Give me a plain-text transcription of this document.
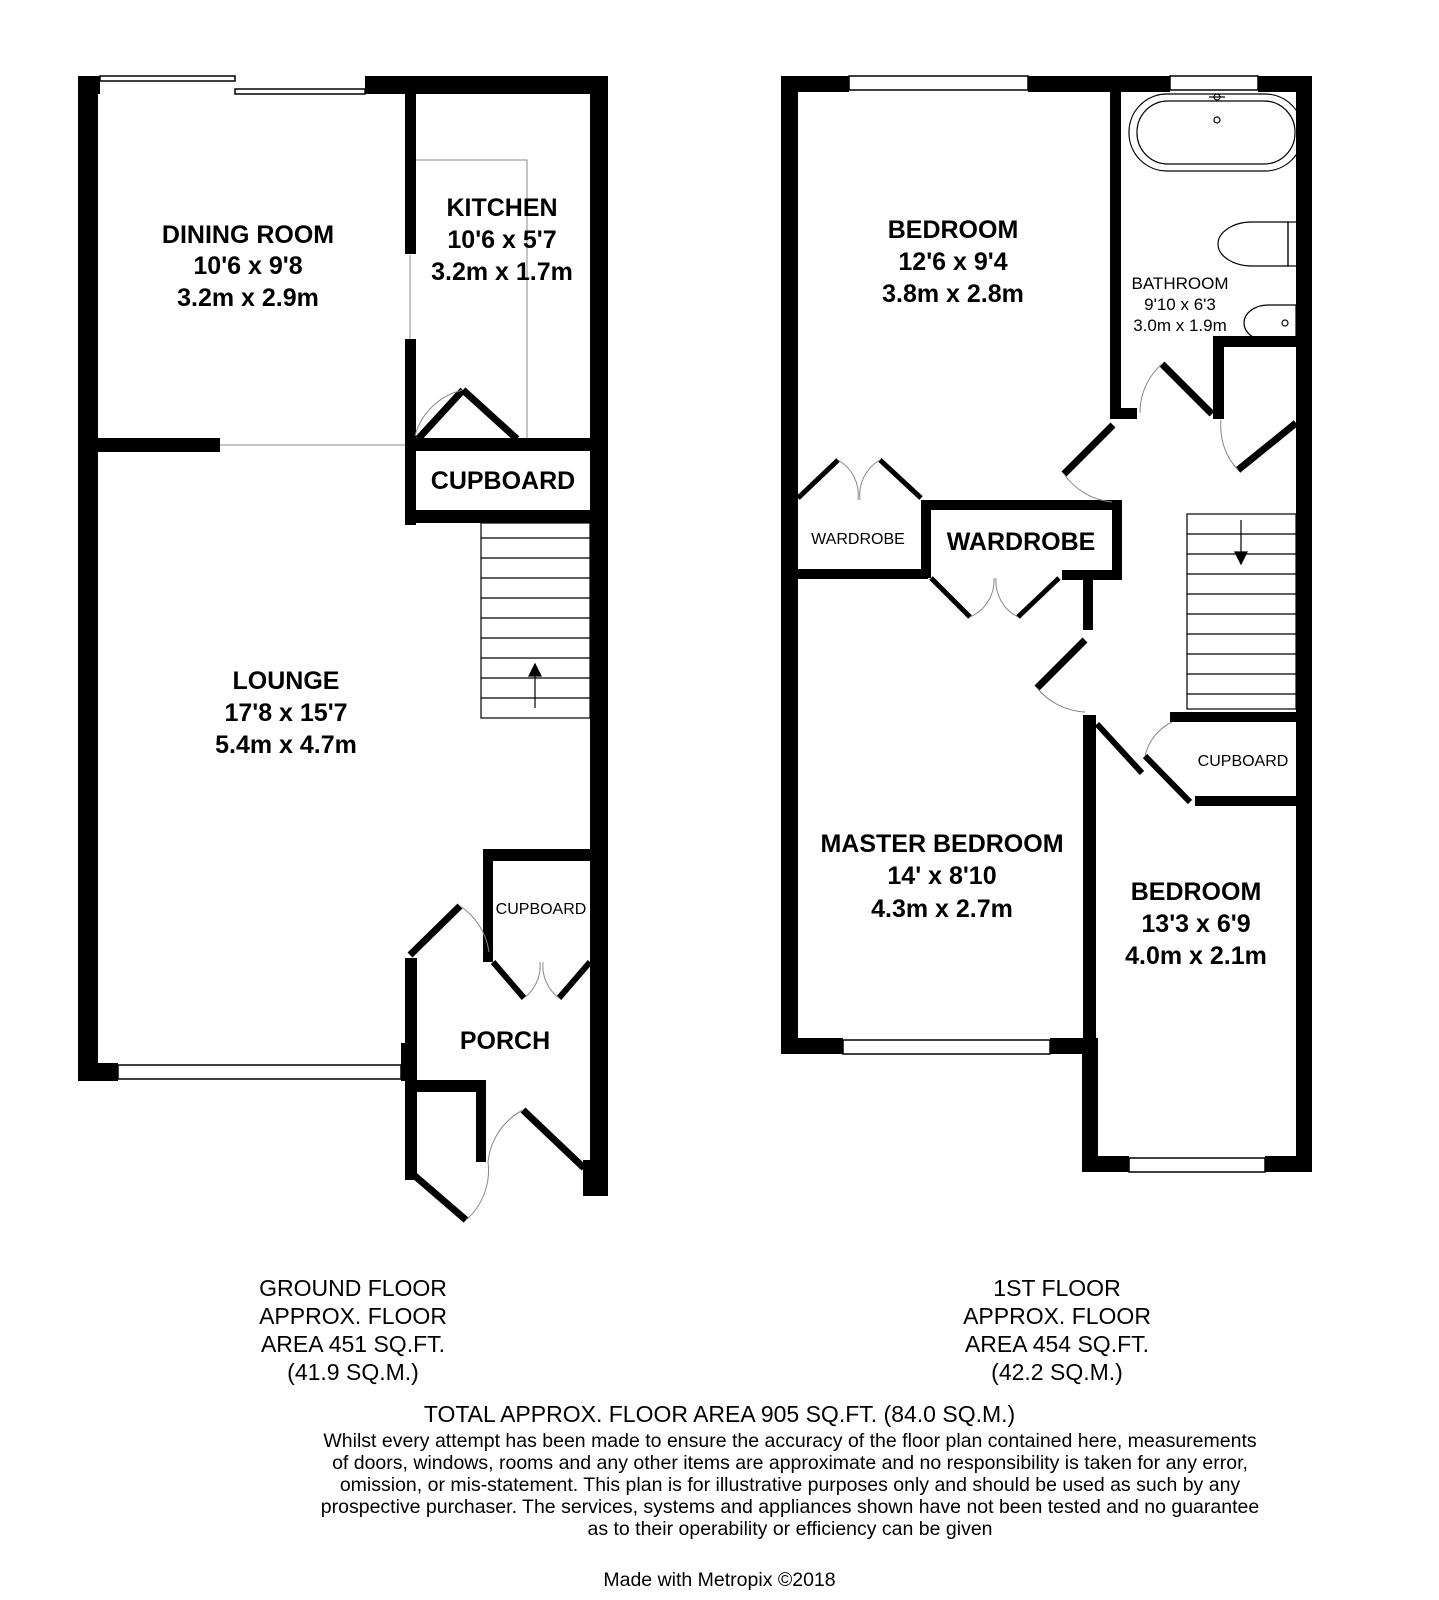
DINING ROOM
10'6 x 9'8
3.2m x 2.9m
KITCHEN
10'6 x 5'7
3.2m x 1.7m
CUPBOARD
LOUNGE
17'8 x 15'7
5.4m x 4.7m
CUPBOARD
PORCH
BEDROOM
12'6 x 9'4
3.8m x 2.8m	BATHROOM
9'10 x 6'3
3.0m x 1.9m
WARDROBE WARDROBE
MASTER BEDROOM
14' x 8'10
4.3m x 2.7m
CUPBOARD
BEDROOM
13'3 x 6'9
4.0m x 2.1m
GROUND FLOOR
APPROX. FLOOR
AREA 451 SQ.FT.
(41.9 SQ.M.)
1ST FLOOR
APPROX. FLOOR
AREA 454 SQ.FT.
(42.2 SQ.M.)
TOTAL APPROX. FLOOR AREA 905 SQ.FT. (84.0 SQ.M.)
Whilst every attempt has been made to ensure the accuracy of the floor plan contained here, measurements
of doors, windows, rooms and any other items are approximate and no responsibility is taken for any error,
omission, or mis-statement. This plan is for illustrative purposes only and should be used as such by any
prospective purchaser. The services, systems and appliances shown have not been tested and no guarantee
as to their operability or efficiency can be given
Made with Metropix ©2018
